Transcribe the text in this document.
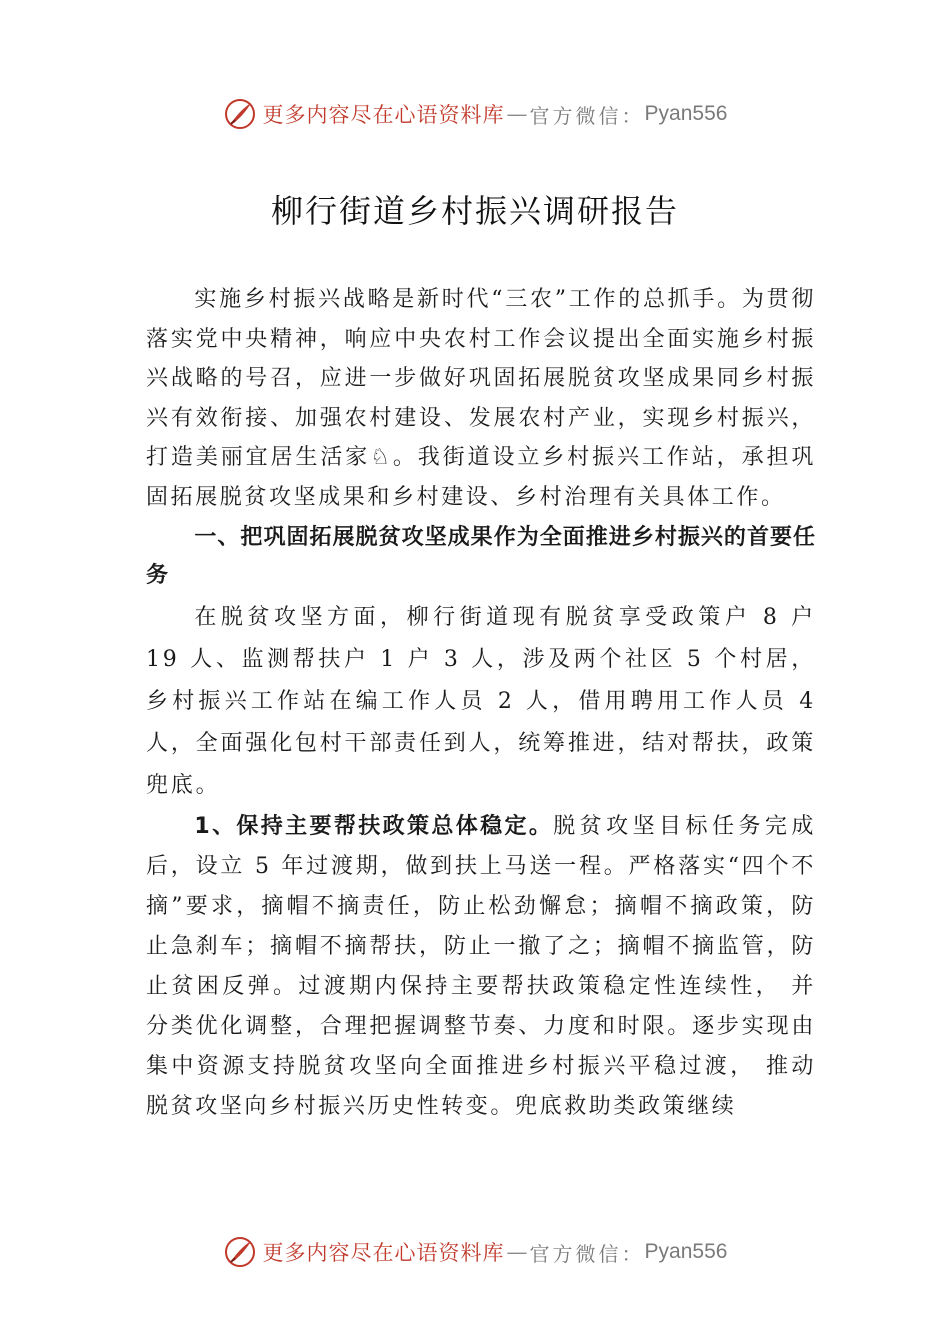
更多内容尽在心语资料库 — 官方微信： Pyan556
柳行街道乡村振兴调研报告

实施乡村振兴战略是新时代“三农”工作的总抓手。为贯彻落实党中央精神，响应中央农村工作会议提出全面实施乡村振兴战略的号召，应进一步做好巩固拓展脱贫攻坚成果同乡村振兴有效衔接、加强农村建设、发展农村产业，实现乡村振兴，打造美丽宜居生活家♘。我街道设立乡村振兴工作站，承担巩固拓展脱贫攻坚成果和乡村建设、乡村治理有关具体工作。

一、把巩固拓展脱贫攻坚成果作为全面推进乡村振兴的首要任务

在脱贫攻坚方面，柳行街道现有脱贫享受政策户 8 户 19 人、监测帮扶户 1 户 3 人，涉及两个社区 5 个村居，乡村振兴工作站在编工作人员 2 人，借用聘用工作人员 4 人，全面强化包村干部责任到人，统筹推进，结对帮扶，政策兜底。

1、保持主要帮扶政策总体稳定。脱贫攻坚目标任务完成后，设立 5 年过渡期，做到扶上马送一程。严格落实“四个不摘”要求，摘帽不摘责任，防止松劲懈怠；摘帽不摘政策，防止急刹车；摘帽不摘帮扶，防止一撤了之；摘帽不摘监管，防止贫困反弹。过渡期内保持主要帮扶政策稳定性连续性， 并分类优化调整，合理把握调整节奏、力度和时限。逐步实现由集中资源支持脱贫攻坚向全面推进乡村振兴平稳过渡， 推动脱贫攻坚向乡村振兴历史性转变。兜底救助类政策继续

更多内容尽在心语资料库 — 官方微信： Pyan556
